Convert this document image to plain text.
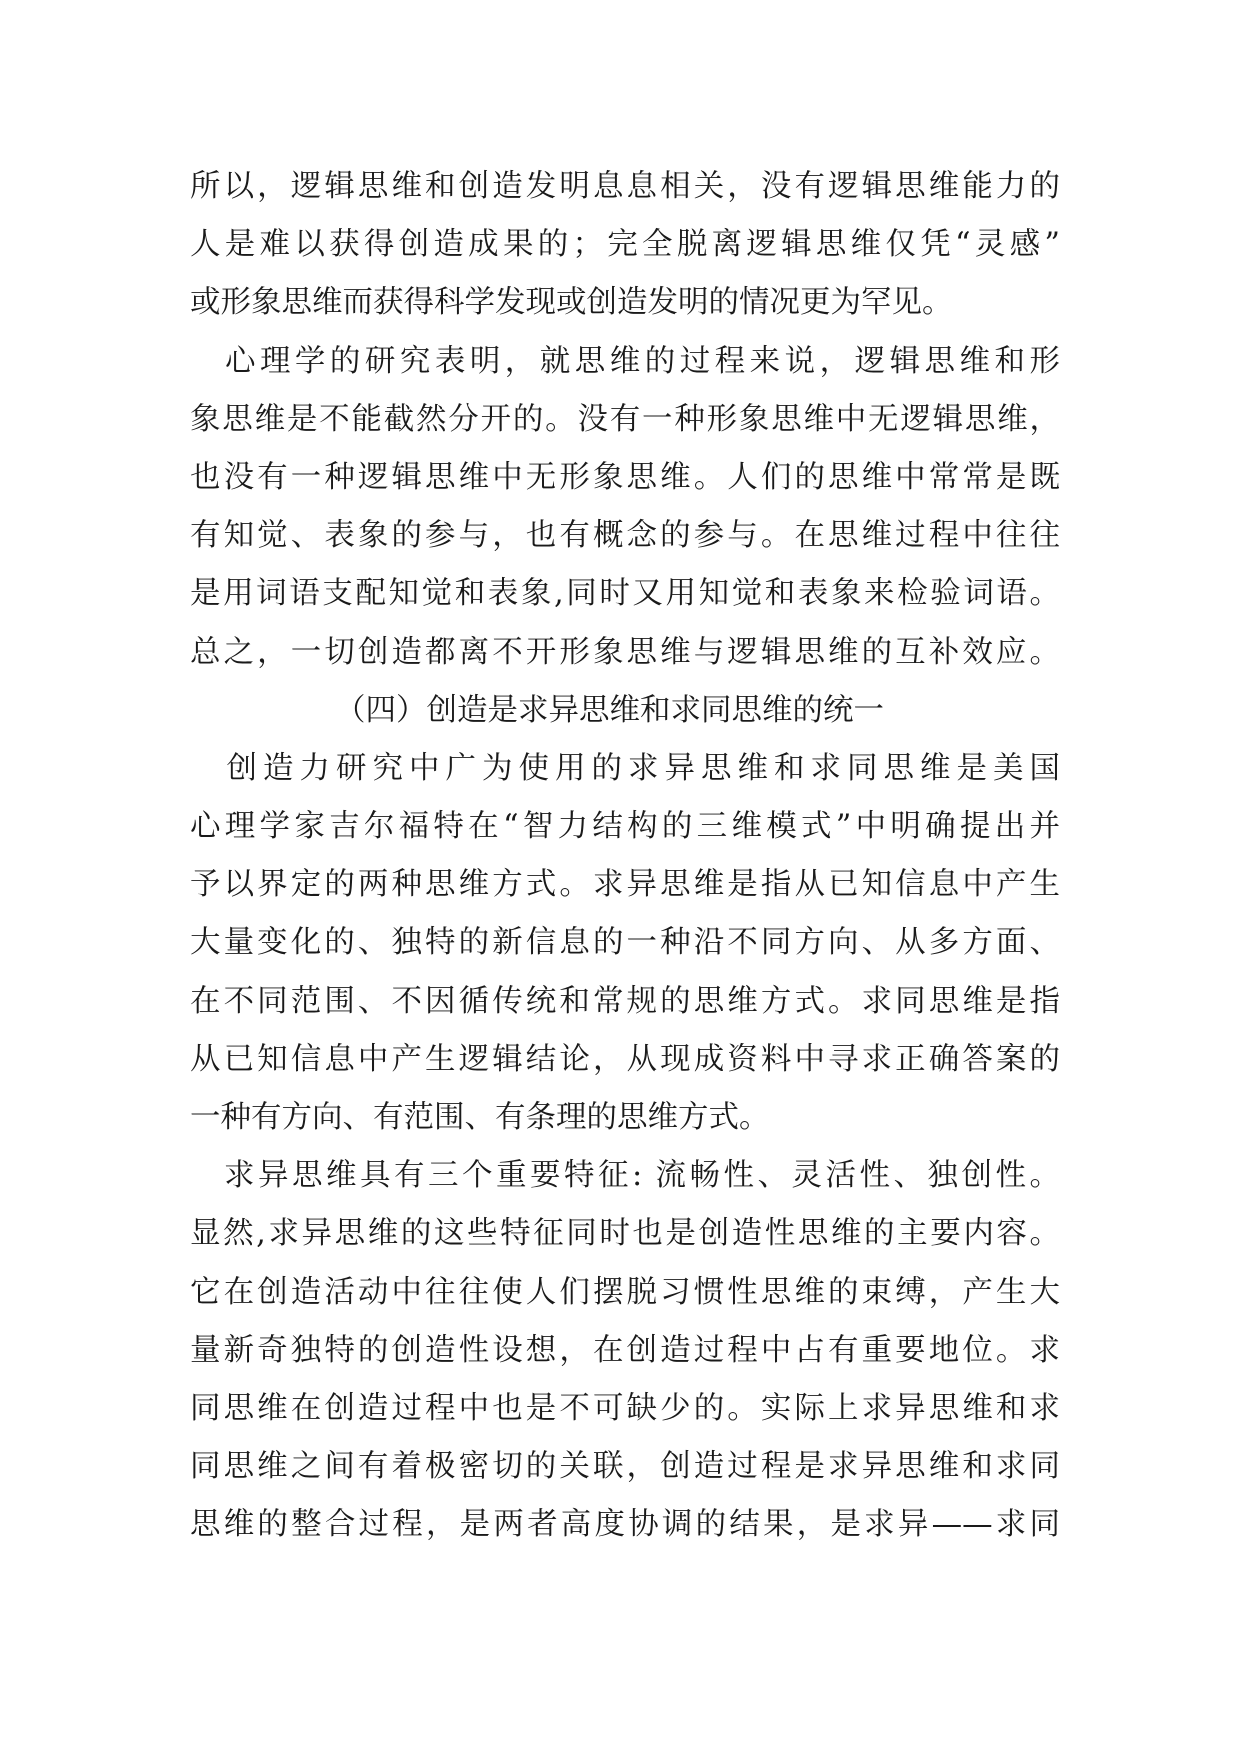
所以，逻辑思维和创造发明息息相关，没有逻辑思维能力的
人是难以获得创造成果的；完全脱离逻辑思维仅凭“灵感”
或形象思维而获得科学发现或创造发明的情况更为罕见。
　心理学的研究表明，就思维的过程来说，逻辑思维和形
象思维是不能截然分开的。没有一种形象思维中无逻辑思维，
也没有一种逻辑思维中无形象思维。人们的思维中常常是既
有知觉、表象的参与，也有概念的参与。在思维过程中往往
是用词语支配知觉和表象,同时又用知觉和表象来检验词语。
总之，一切创造都离不开形象思维与逻辑思维的互补效应。
（四）创造是求异思维和求同思维的统一
　创造力研究中广为使用的求异思维和求同思维是美国
心理学家吉尔福特在“智力结构的三维模式”中明确提出并
予以界定的两种思维方式。求异思维是指从已知信息中产生
大量变化的、独特的新信息的一种沿不同方向、从多方面、
在不同范围、不因循传统和常规的思维方式。求同思维是指
从已知信息中产生逻辑结论，从现成资料中寻求正确答案的
一种有方向、有范围、有条理的思维方式。
　求异思维具有三个重要特征: 流畅性、灵活性、独创性。
显然,求异思维的这些特征同时也是创造性思维的主要内容。
它在创造活动中往往使人们摆脱习惯性思维的束缚，产生大
量新奇独特的创造性设想，在创造过程中占有重要地位。求
同思维在创造过程中也是不可缺少的。实际上求异思维和求
同思维之间有着极密切的关联，创造过程是求异思维和求同
思维的整合过程，是两者高度协调的结果，是求异——求同
